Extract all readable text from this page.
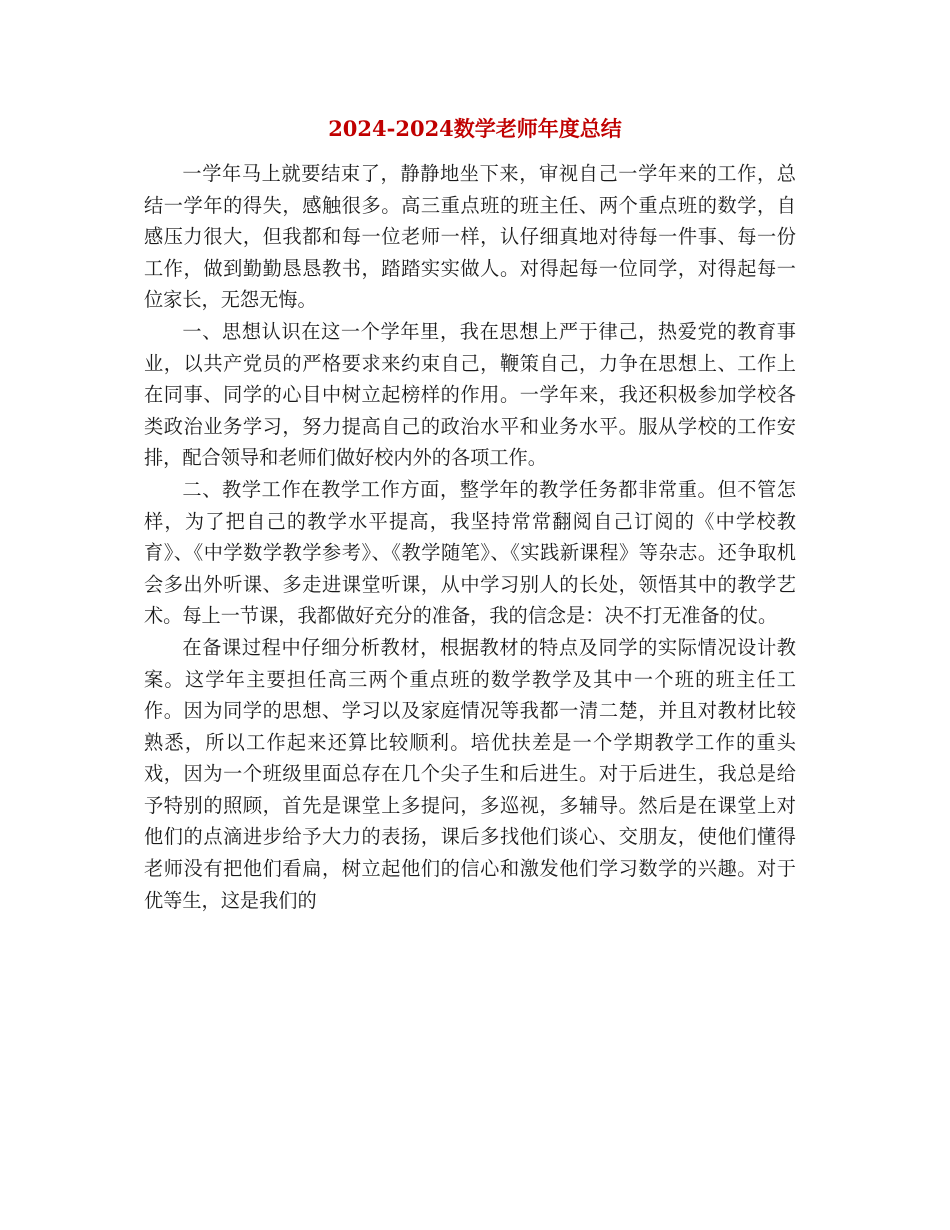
2024-2024数学老师年度总结

一学年马上就要结束了，静静地坐下来，审视自己一学年来的工作，总结一学年的得失，感触很多。高三重点班的班主任、两个重点班的数学，自感压力很大，但我都和每一位老师一样，认仔细真地对待每一件事、每一份工作，做到勤勤恳恳教书，踏踏实实做人。对得起每一位同学，对得起每一位家长，无怨无悔。

一、思想认识在这一个学年里，我在思想上严于律己，热爱党的教育事业，以共产党员的严格要求来约束自己，鞭策自己，力争在思想上、工作上在同事、同学的心目中树立起榜样的作用。一学年来，我还积极参加学校各类政治业务学习，努力提高自己的政治水平和业务水平。服从学校的工作安排，配合领导和老师们做好校内外的各项工作。

二、教学工作在教学工作方面，整学年的教学任务都非常重。但不管怎样，为了把自己的教学水平提高，我坚持常常翻阅自己订阅的《中学校教育》、《中学数学教学参考》、《教学随笔》、《实践新课程》等杂志。还争取机会多出外听课、多走进课堂听课，从中学习别人的长处，领悟其中的教学艺术。每上一节课，我都做好充分的准备，我的信念是：决不打无准备的仗。

在备课过程中仔细分析教材，根据教材的特点及同学的实际情况设计教案。这学年主要担任高三两个重点班的数学教学及其中一个班的班主任工作。因为同学的思想、学习以及家庭情况等我都一清二楚，并且对教材比较熟悉，所以工作起来还算比较顺利。培优扶差是一个学期教学工作的重头戏，因为一个班级里面总存在几个尖子生和后进生。对于后进生，我总是给予特别的照顾，首先是课堂上多提问，多巡视，多辅导。然后是在课堂上对他们的点滴进步给予大力的表扬，课后多找他们谈心、交朋友，使他们懂得老师没有把他们看扁，树立起他们的信心和激发他们学习数学的兴趣。对于优等生，这是我们的
